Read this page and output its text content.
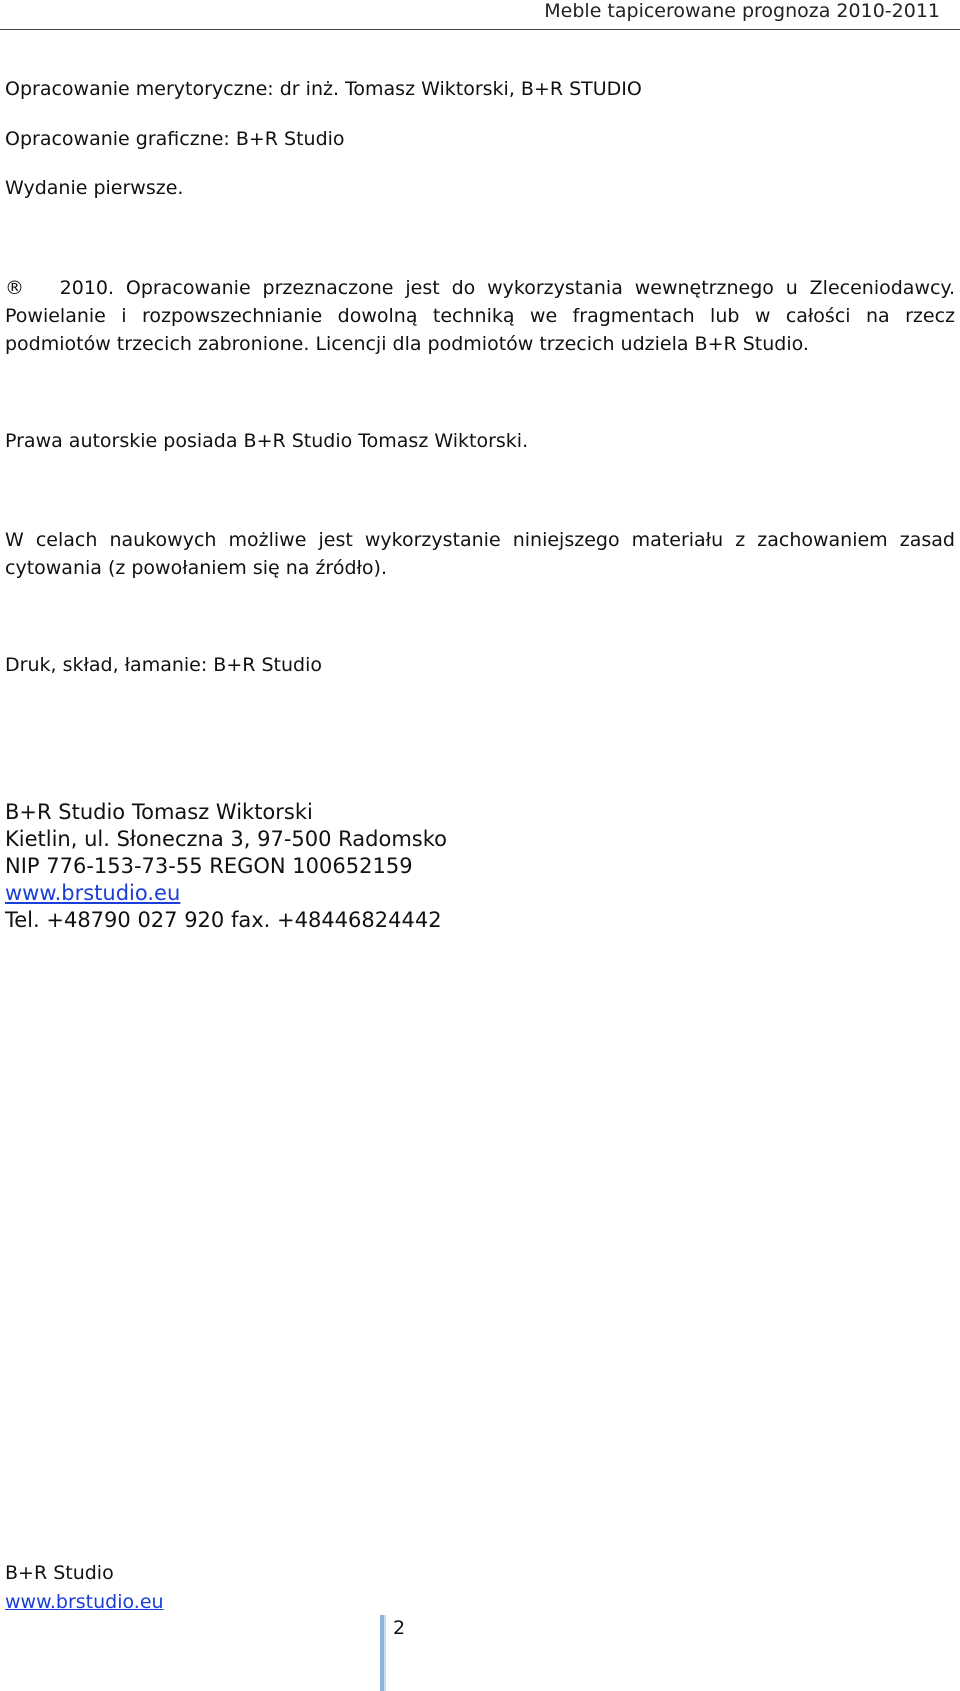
Meble tapicerowane prognoza 2010-2011
Opracowanie merytoryczne: dr inż. Tomasz Wiktorski, B+R STUDIO
Opracowanie graficzne: B+R Studio
Wydanie pierwsze.
® 2010. Opracowanie przeznaczone jest do wykorzystania wewnętrznego u Zleceniodawcy.
Powielanie i rozpowszechnianie dowolną techniką we fragmentach lub w całości na rzecz
podmiotów trzecich zabronione. Licencji dla podmiotów trzecich udziela B+R Studio.
Prawa autorskie posiada B+R Studio Tomasz Wiktorski.
W celach naukowych możliwe jest wykorzystanie niniejszego materiału z zachowaniem zasad
cytowania (z powołaniem się na źródło).
Druk, skład, łamanie: B+R Studio
B+R Studio Tomasz Wiktorski
Kietlin, ul. Słoneczna 3, 97-500 Radomsko
NIP 776-153-73-55 REGON 100652159
www.brstudio.eu
Tel. +48790 027 920 fax. +48446824442
B+R Studio
www.brstudio.eu
2
